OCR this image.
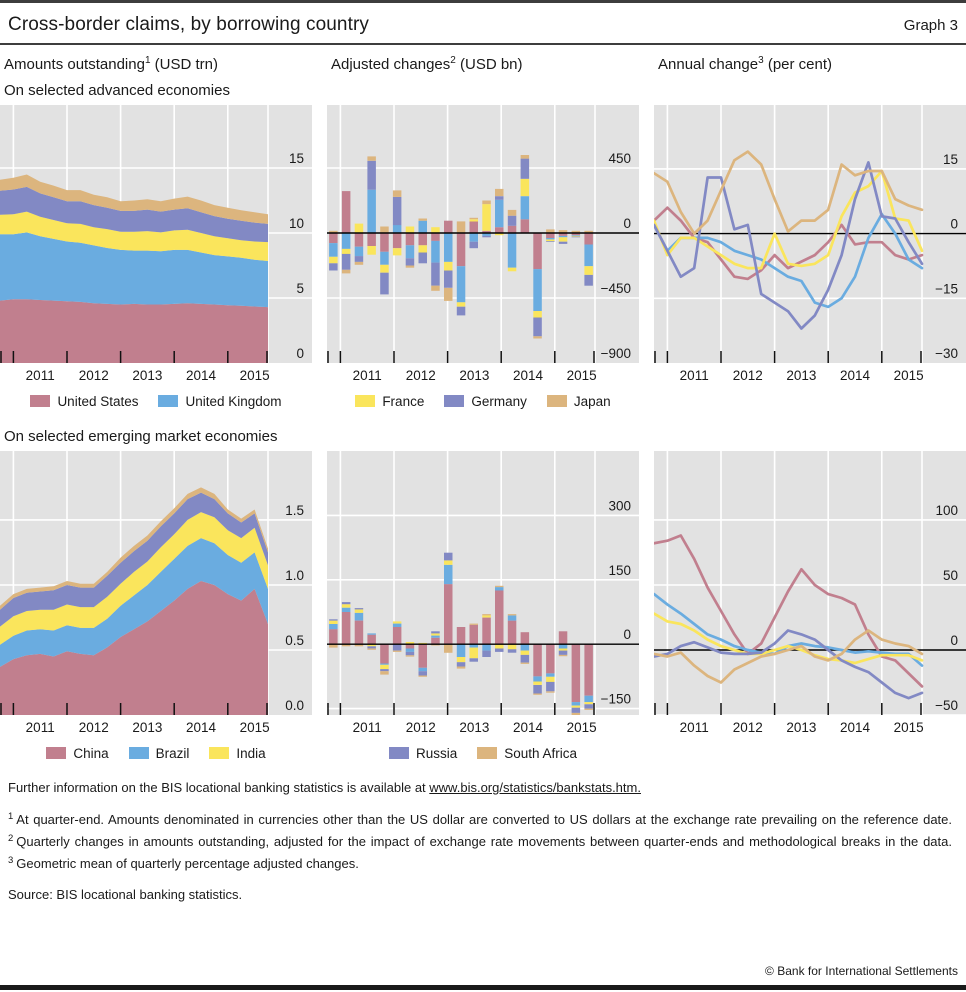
Cross-border claims, by borrowing country	Graph 3
Amounts outstanding$^1$ (USD trn)	Adjusted changes$^2$ (USD bn)	Annual change$^3$ (per cent)
On selected advanced economies
15
10
5
0
2011 2012 2013 2014 2015
450
0
−450
−900
2011 2012 2013 2014 2015
15
0
−15
−30
2011 2012 2013 2014 2015
United States	United Kingdom	France	Germany	Japan
On selected emerging market economies
1.5
1.0
0.5
0.0
2011 2012 2013 2014 2015
300
150
0
−150
2011 2012 2013 2014 2015
100
50
0
−50
2011 2012 2013 2014 2015
China	Brazil	India	Russia	South Africa
Further information on the BIS locational banking statistics is available at www.bis.org/statistics/bankstats.htm.

$^1$ At quarter-end. Amounts denominated in currencies other than the US dollar are converted to US dollars at the exchange rate prevailing on the reference date. $^2$ Quarterly changes in amounts outstanding, adjusted for the impact of exchange rate movements between quarter-ends and methodological breaks in the data. $^3$ Geometric mean of quarterly percentage adjusted changes.

Source: BIS locational banking statistics.
© Bank for International Settlements
